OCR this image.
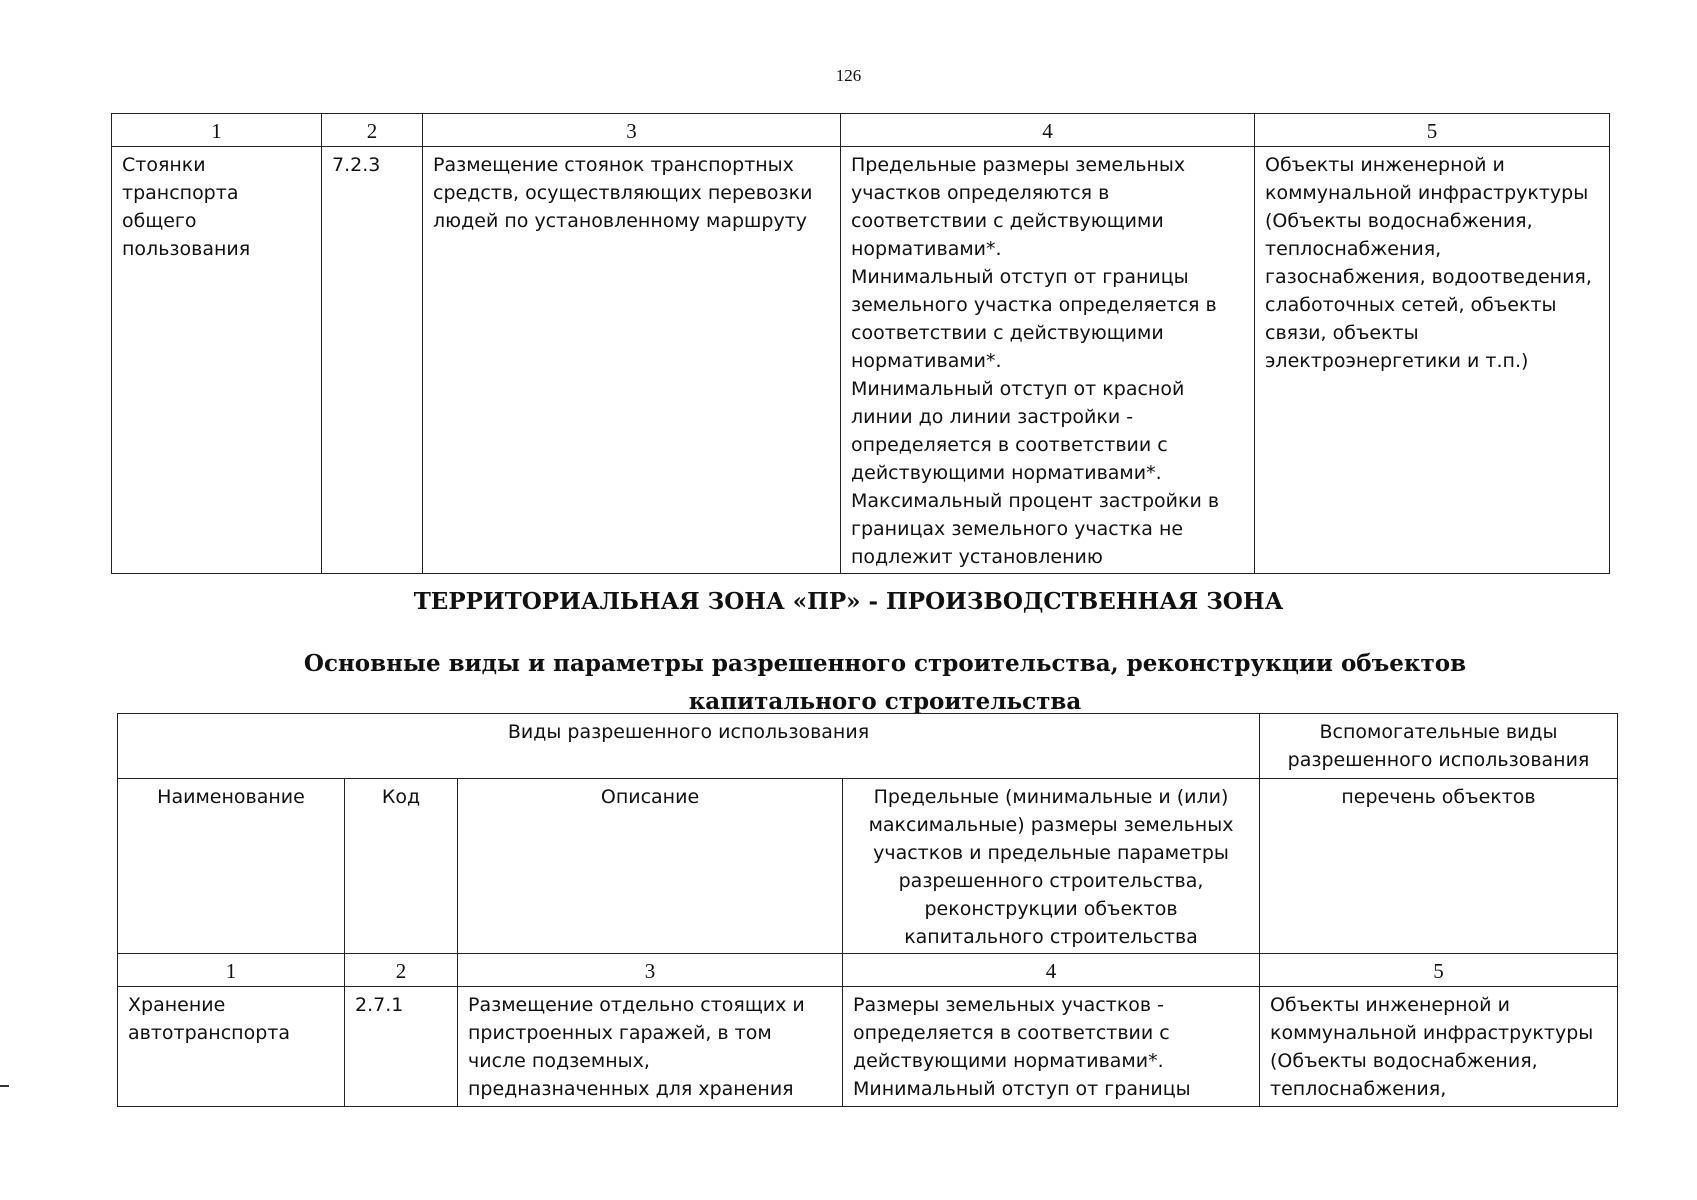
126
1	2	3	4	5
Стоянки транспорта общего пользования	7.2.3	Размещение стоянок транспортных средств, осуществляющих перевозки людей по установленному маршруту	Предельные размеры земельных участков определяются в соответствии с действующими нормативами*.
Минимальный отступ от границы земельного участка определяется в соответствии с действующими нормативами*.
Минимальный отступ от красной линии до линии застройки - определяется в соответствии с действующими нормативами*.
Максимальный процент застройки в границах земельного участка не подлежит установлению	Объекты инженерной и коммунальной инфраструктуры (Объекты водоснабжения, теплоснабжения, газоснабжения, водоотведения, слаботочных сетей, объекты связи, объекты электроэнергетики и т.п.)
ТЕРРИТОРИАЛЬНАЯ ЗОНА «ПР» - ПРОИЗВОДСТВЕННАЯ ЗОНА
Основные виды и параметры разрешенного строительства, реконструкции объектов капитального строительства
Виды разрешенного использования				Вспомогательные виды разрешенного использования
Наименование	Код	Описание	Предельные (минимальные и (или) максимальные) размеры земельных участков и предельные параметры разрешенного строительства, реконструкции объектов капитального строительства	перечень объектов
1	2	3	4	5
Хранение автотранспорта	2.7.1	Размещение отдельно стоящих и пристроенных гаражей, в том числе подземных, предназначенных для хранения	Размеры земельных участков - определяется в соответствии с действующими нормативами*.
Минимальный отступ от границы	Объекты инженерной и коммунальной инфраструктуры (Объекты водоснабжения, теплоснабжения,
